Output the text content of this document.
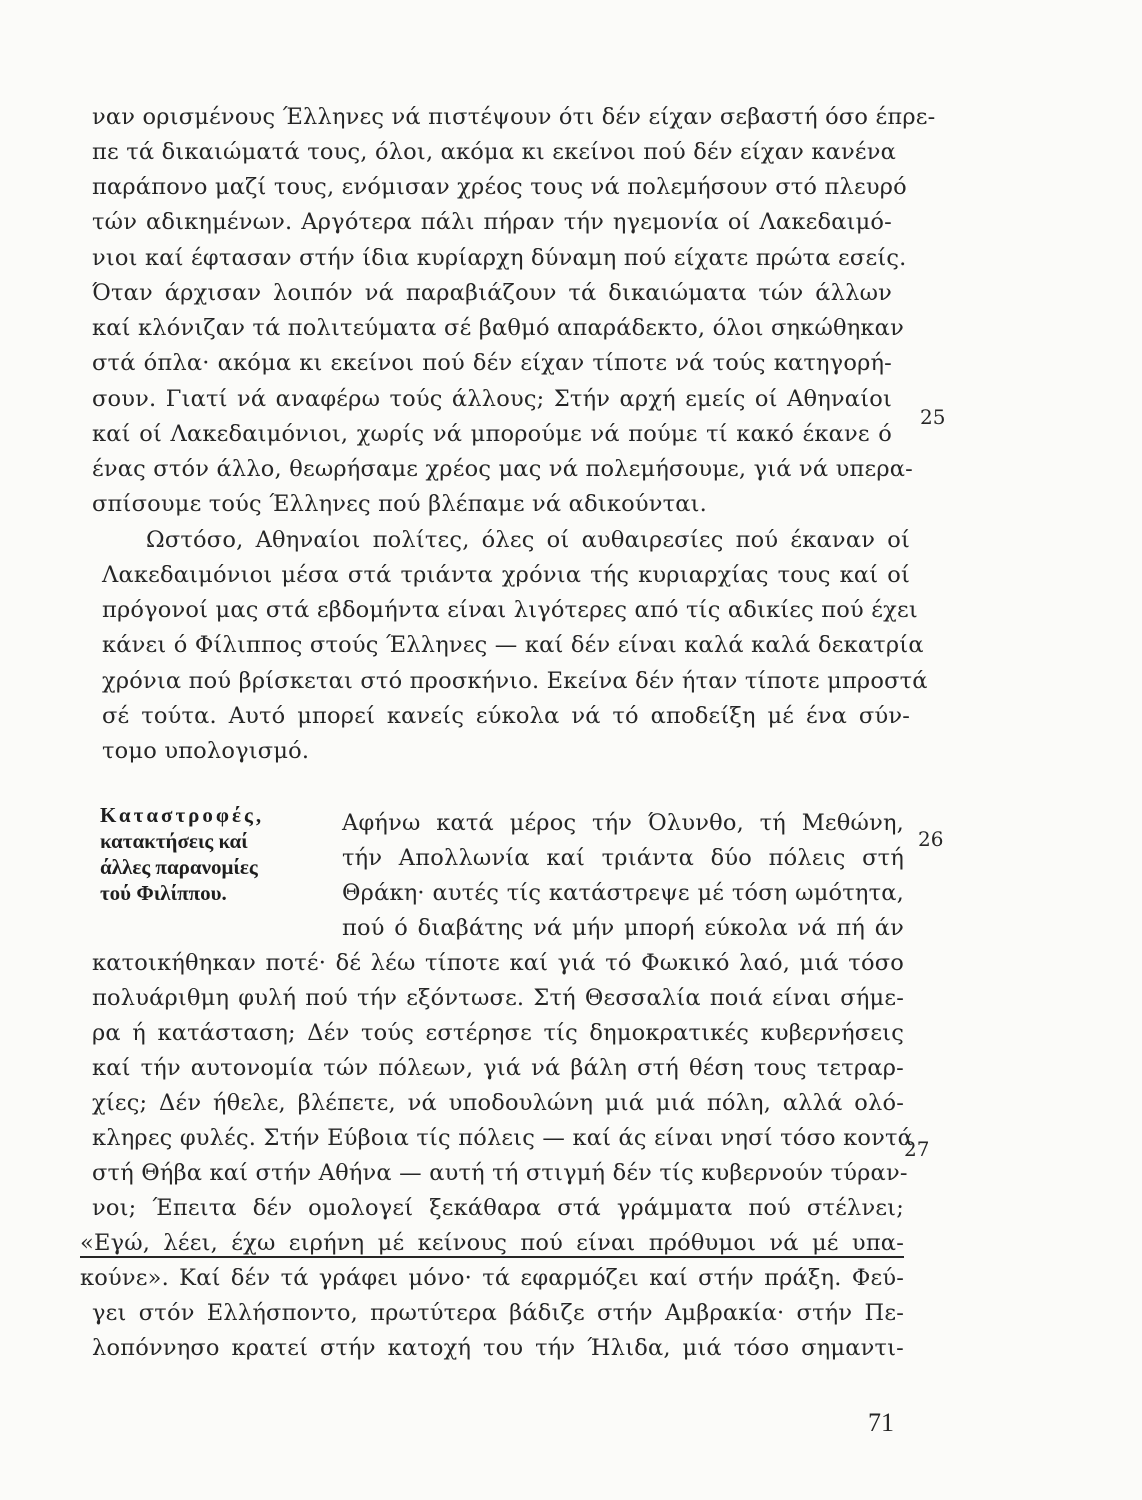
ναν ορισμένους Έλληνες νά πιστέψουν ότι δέν είχαν σεβαστή όσο έπρε-
πε τά δικαιώματά τους, όλοι, ακόμα κι εκείνοι πού δέν είχαν κανένα
παράπονο μαζί τους, ενόμισαν χρέος τους νά πολεμήσουν στό πλευρό
τών αδικημένων. Αργότερα πάλι πήραν τήν ηγεμονία οί Λακεδαιμό-
νιοι καί έφτασαν στήν ίδια κυρίαρχη δύναμη πού είχατε πρώτα εσείς.
Όταν άρχισαν λοιπόν νά παραβιάζουν τά δικαιώματα τών άλλων
καί κλόνιζαν τά πολιτεύματα σέ βαθμό απαράδεκτο, όλοι σηκώθηκαν
στά όπλα· ακόμα κι εκείνοι πού δέν είχαν τίποτε νά τούς κατηγορή-
σουν. Γιατί νά αναφέρω τούς άλλους; Στήν αρχή εμείς οί Αθηναίοι
καί οί Λακεδαιμόνιοι, χωρίς νά μπορούμε νά πούμε τί κακό έκανε ό
ένας στόν άλλο, θεωρήσαμε χρέος μας νά πολεμήσουμε, γιά νά υπερα-
σπίσουμε τούς Έλληνες πού βλέπαμε νά αδικούνται.
Ωστόσο, Αθηναίοι πολίτες, όλες οί αυθαιρεσίες πού έκαναν οί
Λακεδαιμόνιοι μέσα στά τριάντα χρόνια τής κυριαρχίας τους καί οί
πρόγονοί μας στά εβδομήντα είναι λιγότερες από τίς αδικίες πού έχει
κάνει ό Φίλιππος στούς Έλληνες — καί δέν είναι καλά καλά δεκατρία
χρόνια πού βρίσκεται στό προσκήνιο. Εκείνα δέν ήταν τίποτε μπροστά
σέ τούτα. Αυτό μπορεί κανείς εύκολα νά τό αποδείξη μέ ένα σύν-
τομο υπολογισμό.
Καταστροφές,
κατακτήσεις καί
άλλες παρανομίες
τού Φιλίππου.
Αφήνω κατά μέρος τήν Όλυνθο, τή Μεθώνη,
τήν Απολλωνία καί τριάντα δύο πόλεις στή
Θράκη· αυτές τίς κατάστρεψε μέ τόση ωμότητα,
πού ό διαβάτης νά μήν μπορή εύκολα νά πή άν
κατοικήθηκαν ποτέ· δέ λέω τίποτε καί γιά τό Φωκικό λαό, μιά τόσο
πολυάριθμη φυλή πού τήν εξόντωσε. Στή Θεσσαλία ποιά είναι σήμε-
ρα ή κατάσταση; Δέν τούς εστέρησε τίς δημοκρατικές κυβερνήσεις
καί τήν αυτονομία τών πόλεων, γιά νά βάλη στή θέση τους τετραρ-
χίες; Δέν ήθελε, βλέπετε, νά υποδουλώνη μιά μιά πόλη, αλλά ολό-
κληρες φυλές. Στήν Εύβοια τίς πόλεις — καί άς είναι νησί τόσο κοντά
στή Θήβα καί στήν Αθήνα — αυτή τή στιγμή δέν τίς κυβερνούν τύραν-
νοι; Έπειτα δέν ομολογεί ξεκάθαρα στά γράμματα πού στέλνει;
«Εγώ, λέει, έχω ειρήνη μέ κείνους πού είναι πρόθυμοι νά μέ υπα-
κούνε». Καί δέν τά γράφει μόνο· τά εφαρμόζει καί στήν πράξη. Φεύ-
γει στόν Ελλήσποντο, πρωτύτερα βάδιζε στήν Αμβρακία· στήν Πε-
λοπόννησο κρατεί στήν κατοχή του τήν Ήλιδα, μιά τόσο σημαντι-
25
26
27
71
